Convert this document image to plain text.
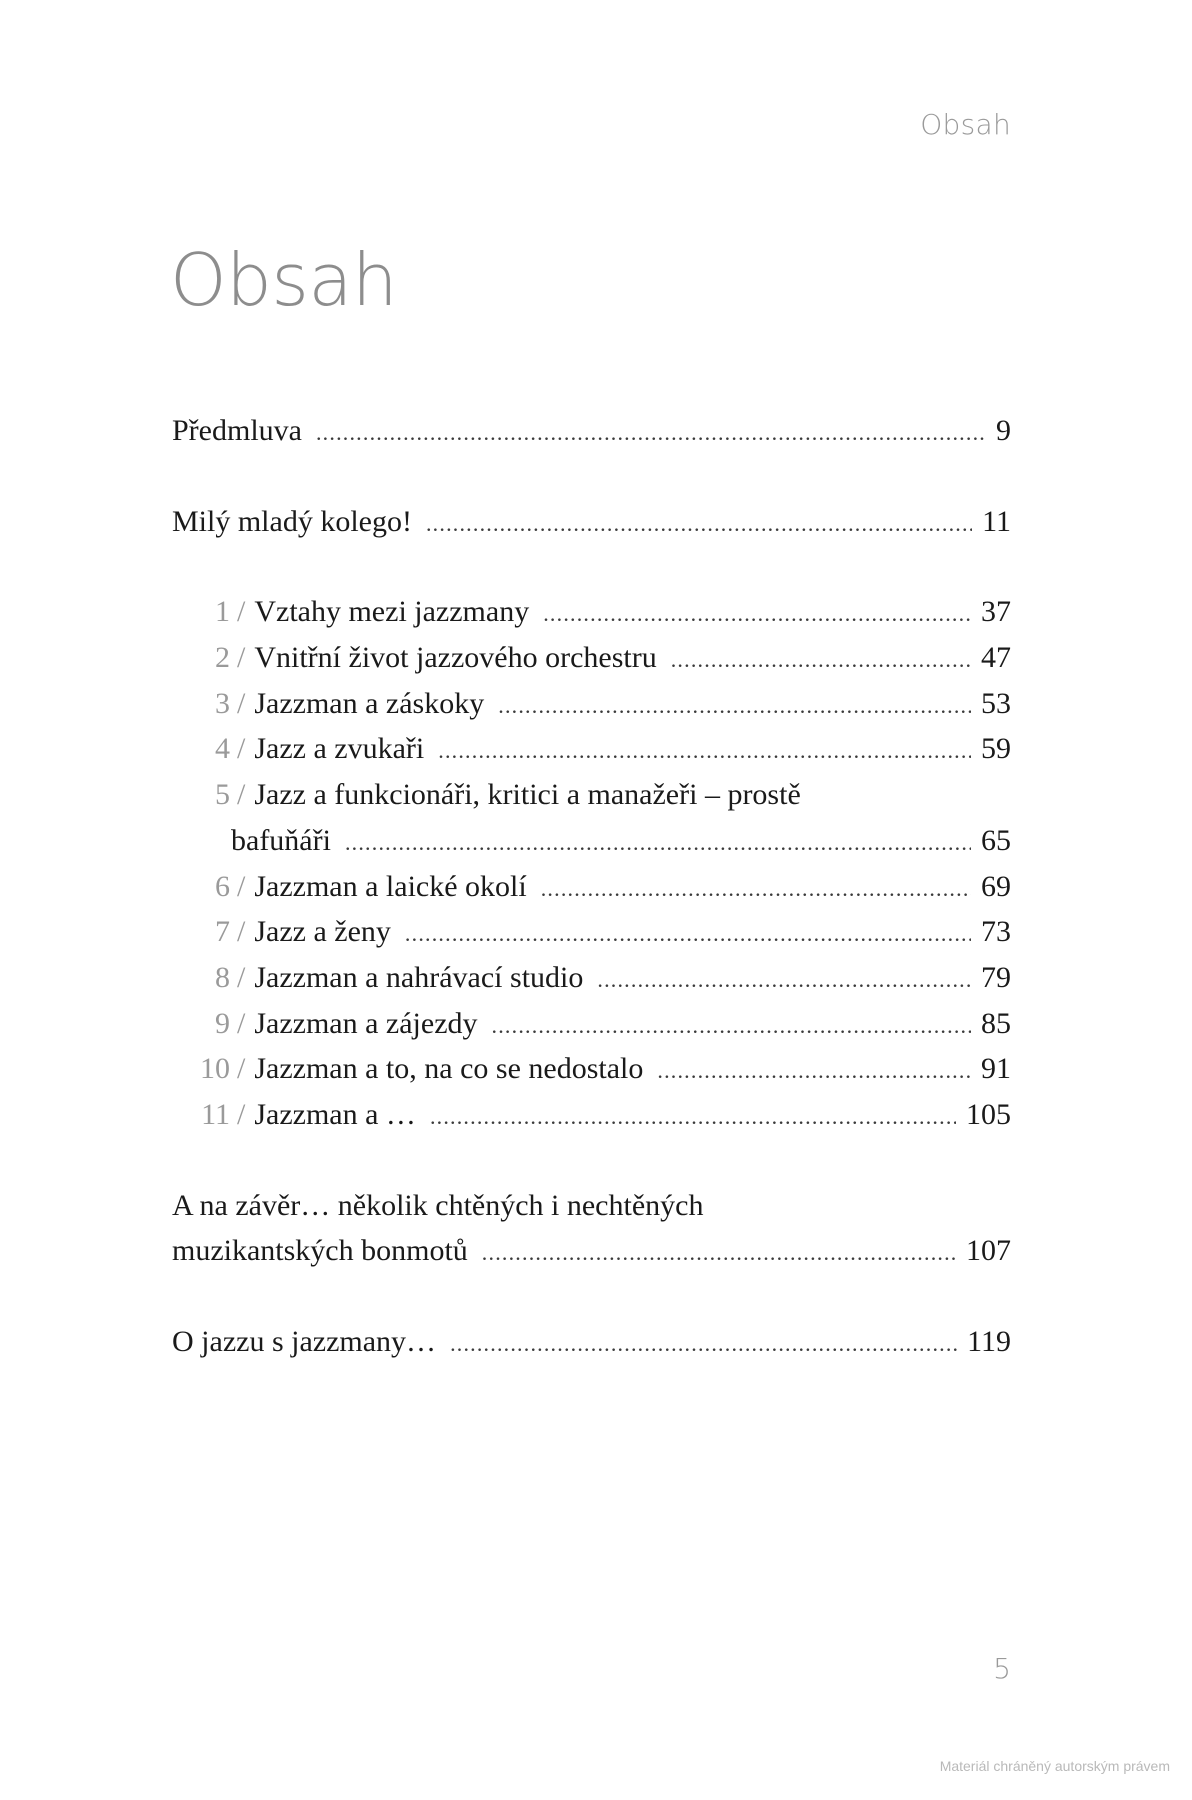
Obsah
Obsah
Předmluva .....	9
Milý mladý kolego! .....	11
1 / Vztahy mezi jazzmany .....	37
2 / Vnitřní život jazzového orchestru .....	47
3 / Jazzman a záskoky .....	53
4 / Jazz a zvukaři .....	59
5 / Jazz a funkcionáři, kritici a manažeři – prostě
bafuňáři .....	65
6 / Jazzman a laické okolí .....	69
7 / Jazz a ženy .....	73
8 / Jazzman a nahrávací studio .....	79
9 / Jazzman a zájezdy .....	85
10 / Jazzman a to, na co se nedostalo .....	91
11 / Jazzman a … .....	105
A na závěr… několik chtěných i nechtěných
muzikantských bonmotů .....	107
O jazzu s jazzmany… .....	119
5
Materiál chráněný autorským právem
